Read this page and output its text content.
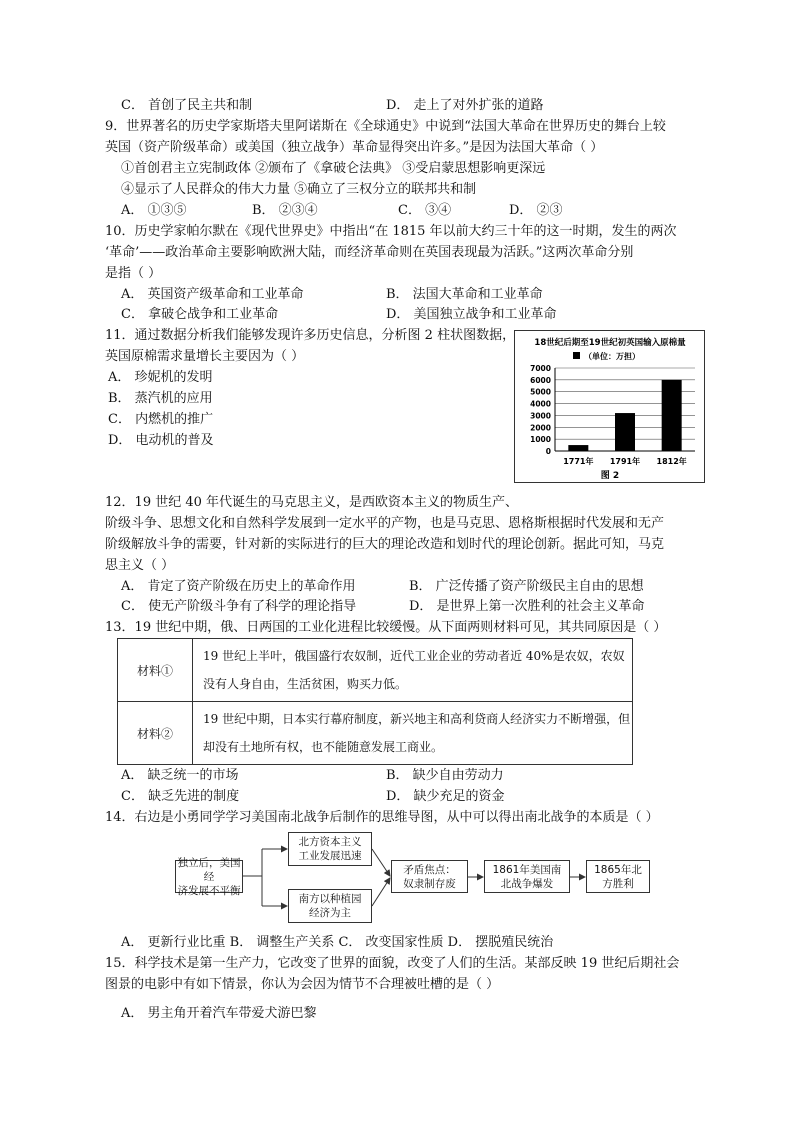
C． 首创了民主共和制	D． 走上了对外扩张的道路
9．世界著名的历史学家斯塔夫里阿诺斯在《全球通史》中说到“法国大革命在世界历史的舞台上较
英国（资产阶级革命）或美国（独立战争）革命显得突出许多。”是因为法国大革命（ ）
①首创君主立宪制政体 ②颁布了《拿破仑法典》 ③受启蒙思想影响更深远
④显示了人民群众的伟大力量 ⑤确立了三权分立的联邦共和制
A． ①③⑤	B． ②③④	C． ③④	D． ②③
10．历史学家帕尔默在《现代世界史》中指出“在 1815 年以前大约三十年的这一时期，发生的两次
‘革命’——政治革命主要影响欧洲大陆，而经济革命则在英国表现最为活跃。”这两次革命分别
是指（ ）
A． 英国资产级革命和工业革命	B． 法国大革命和工业革命
C． 拿破仑战争和工业革命	D． 美国独立战争和工业革命
11．通过数据分析我们能够发现许多历史信息，分析图 2 柱状图数据，
英国原棉需求量增长主要因为（ ）
A． 珍妮机的发明
B． 蒸汽机的应用
C． 内燃机的推广
D． 电动机的普及
18世纪后期至19世纪初英国输入原棉量
（单位：万担）
0
1000
2000
3000
4000
5000
6000
7000
1771年 1791年 1812年
图 2
12．19 世纪 40 年代诞生的马克思主义，是西欧资本主义的物质生产、
阶级斗争、思想文化和自然科学发展到一定水平的产物，也是马克思、恩格斯根据时代发展和无产
阶级解放斗争的需要，针对新的实际进行的巨大的理论改造和划时代的理论创新。据此可知，马克
思主义（ ）
A． 肯定了资产阶级在历史上的革命作用	B． 广泛传播了资产阶级民主自由的思想
C． 使无产阶级斗争有了科学的理论指导	D． 是世界上第一次胜利的社会主义革命
13．19 世纪中期，俄、日两国的工业化进程比较缓慢。从下面两则材料可见，其共同原因是（ ）
材料①	19 世纪上半叶，俄国盛行农奴制，近代工业企业的劳动者近 40%是农奴，农奴没有人身自由，生活贫困，购买力低。
材料②	19 世纪中期，日本实行幕府制度，新兴地主和高利贷商人经济实力不断增强，但却没有土地所有权，也不能随意发展工商业。
A． 缺乏统一的市场	B． 缺少自由劳动力
C． 缺乏先进的制度	D． 缺少充足的资金
14．右边是小勇同学学习美国南北战争后制作的思维导图，从中可以得出南北战争的本质是（ ）
独立后，美国经
济发展不平衡
北方资本主义
工业发展迅速
南方以种植园
经济为主
矛盾焦点：
奴隶制存废
1861年美国南
北战争爆发
1865年北
方胜利
A． 更新行业比重 B． 调整生产关系 C． 改变国家性质 D． 摆脱殖民统治
15．科学技术是第一生产力，它改变了世界的面貌，改变了人们的生活。某部反映 19 世纪后期社会
图景的电影中有如下情景，你认为会因为情节不合理被吐槽的是（ ）
A． 男主角开着汽车带爱犬游巴黎
